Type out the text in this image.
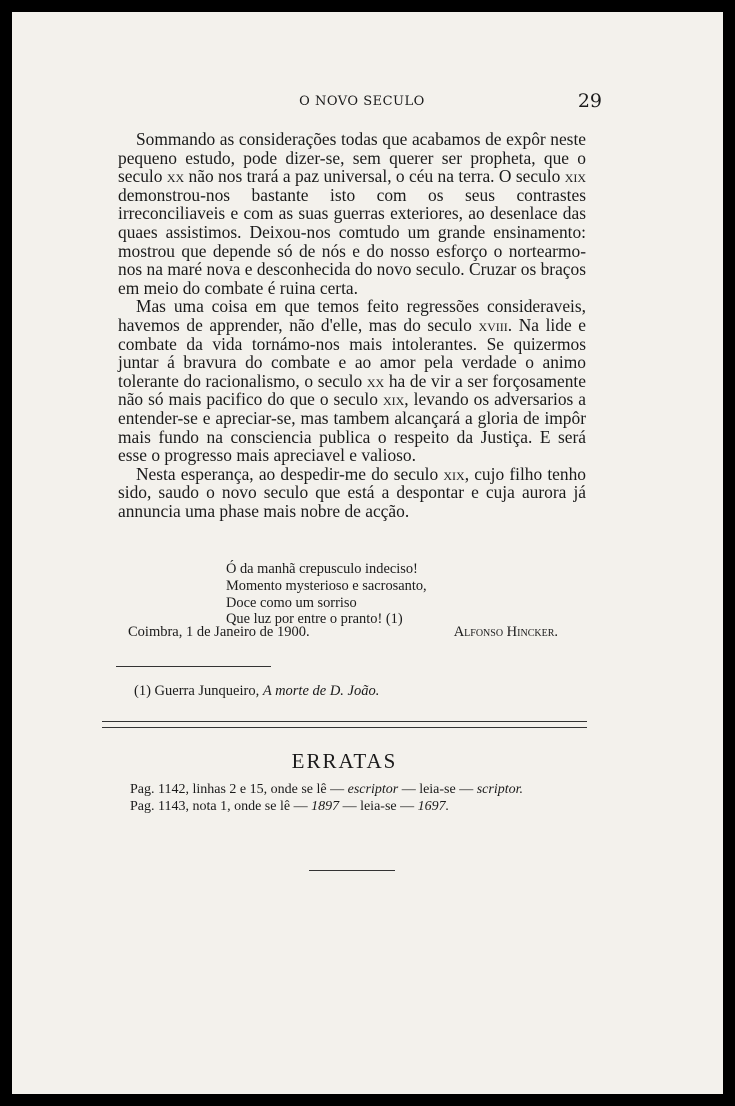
O NOVO SECULO	29

Sommando as considerações todas que acabamos de expôr neste pequeno estudo, pode dizer-se, sem querer ser propheta, que o seculo xx não nos trará a paz universal, o céu na terra. O seculo xix demonstrou-nos bastante isto com os seus contrastes irreconciliaveis e com as suas guerras exteriores, ao desenlace das quaes assistimos. Deixou-nos comtudo um grande ensinamento: mostrou que depende só de nós e do nosso esforço o nortearmo-nos na maré nova e desconhecida do novo seculo. Cruzar os braços em meio do combate é ruina certa.

Mas uma coisa em que temos feito regressões consideraveis, havemos de apprender, não d'elle, mas do seculo xviii. Na lide e combate da vida tornámo-nos mais intolerantes. Se quizermos juntar á bravura do combate e ao amor pela verdade o animo tolerante do racionalismo, o seculo xx ha de vir a ser forçosamente não só mais pacifico do que o seculo xix, levando os adversarios a entender-se e apreciar-se, mas tambem alcançará a gloria de impôr mais fundo na consciencia publica o respeito da Justiça. E será esse o progresso mais apreciavel e valioso.

Nesta esperança, ao despedir-me do seculo xix, cujo filho tenho sido, saudo o novo seculo que está a despontar e cuja aurora já annuncia uma phase mais nobre de acção.

Ó da manhã crepusculo indeciso!
Momento mysterioso e sacrosanto,
Doce como um sorriso
Que luz por entre o pranto! (1)
Coimbra, 1 de Janeiro de 1900.	Alfonso Hincker.
(1) Guerra Junqueiro, A morte de D. João.
ERRATAS
Pag. 1142, linhas 2 e 15, onde se lê — escriptor — leia-se — scriptor.
Pag. 1143, nota 1, onde se lê — 1897 — leia-se — 1697.
